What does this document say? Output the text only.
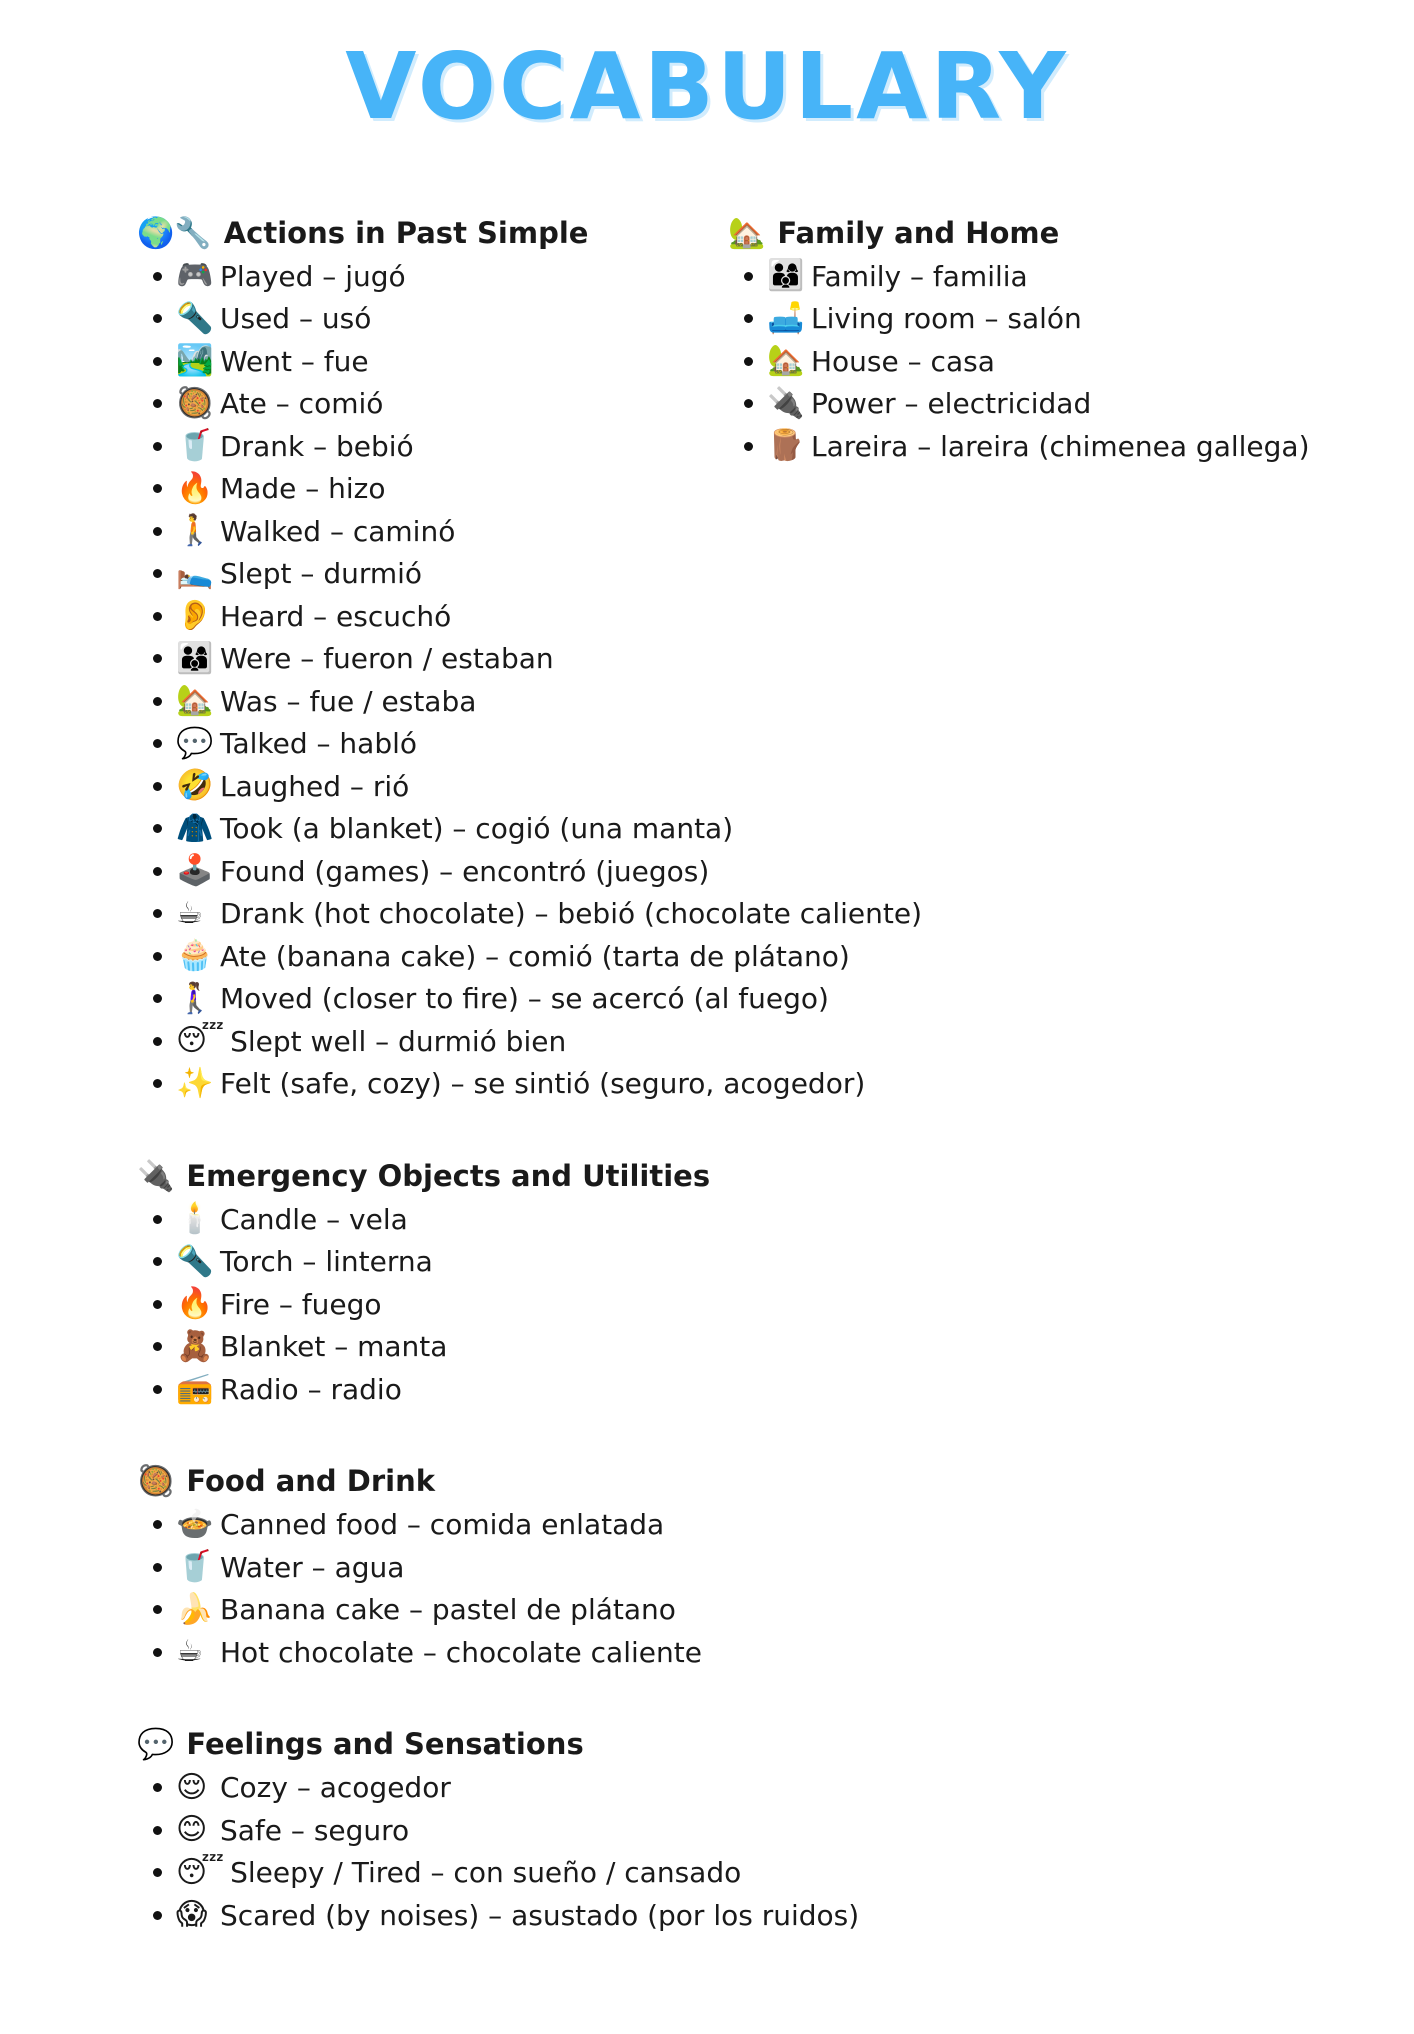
VOCABULARY
🌍🔧 Actions in Past Simple
🎮 Played – jugó
🔦 Used – usó
🏞️ Went – fue
🥘 Ate – comió
🥤 Drank – bebió
🔥 Made – hizo
🚶 Walked – caminó
🛌 Slept – durmió
👂 Heard – escuchó
👨‍👩‍👦 Were – fueron / estaban
🏡 Was – fue / estaba
💬 Talked – habló
🤣 Laughed – rió
🧥 Took (a blanket) – cogió (una manta)
🕹️ Found (games) – encontró (juegos)
☕ Drank (hot chocolate) – bebió (chocolate caliente)
🧁 Ate (banana cake) – comió (tarta de plátano)
🚶‍♀️ Moved (closer to fire) – se acercó (al fuego)
😴 Slept well – durmió bien
✨ Felt (safe, cozy) – se sintió (seguro, acogedor)
🔌 Emergency Objects and Utilities
🕯️ Candle – vela
🔦 Torch – linterna
🔥 Fire – fuego
🧸 Blanket – manta
📻 Radio – radio
🥘 Food and Drink
🍲 Canned food – comida enlatada
🥤 Water – agua
🍌 Banana cake – pastel de plátano
☕ Hot chocolate – chocolate caliente
💬 Feelings and Sensations
😌 Cozy – acogedor
😊 Safe – seguro
😴 Sleepy / Tired – con sueño / cansado
😱 Scared (by noises) – asustado (por los ruidos)
🏡 Family and Home
👨‍👩‍👦 Family – familia
🛋️ Living room – salón
🏡 House – casa
🔌 Power – electricidad
🪵 Lareira – lareira (chimenea gallega)
